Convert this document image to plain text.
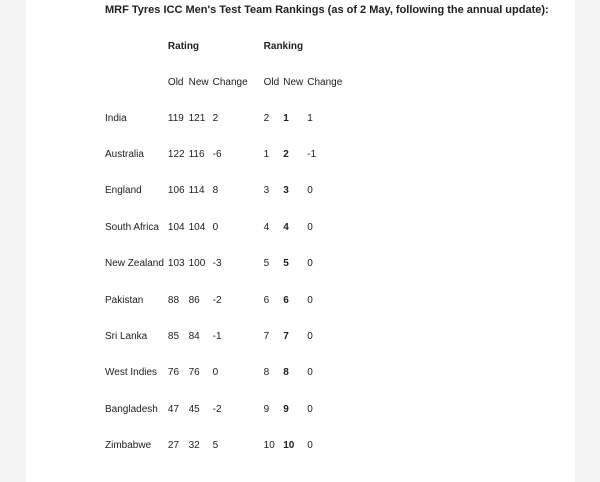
MRF Tyres ICC Men's Test Team Rankings (as of 2 May, following the annual update):
	Rating				Ranking		
	Old	New	Change		Old	New	Change
India	119	121	2		2	1	1
Australia	122	116	-6		1	2	-1
England	106	114	8		3	3	0
South Africa	104	104	0		4	4	0
New Zealand	103	100	-3		5	5	0
Pakistan	88	86	-2		6	6	0
Sri Lanka	85	84	-1		7	7	0
West Indies	76	76	0		8	8	0
Bangladesh	47	45	-2		9	9	0
Zimbabwe	27	32	5		10	10	0
